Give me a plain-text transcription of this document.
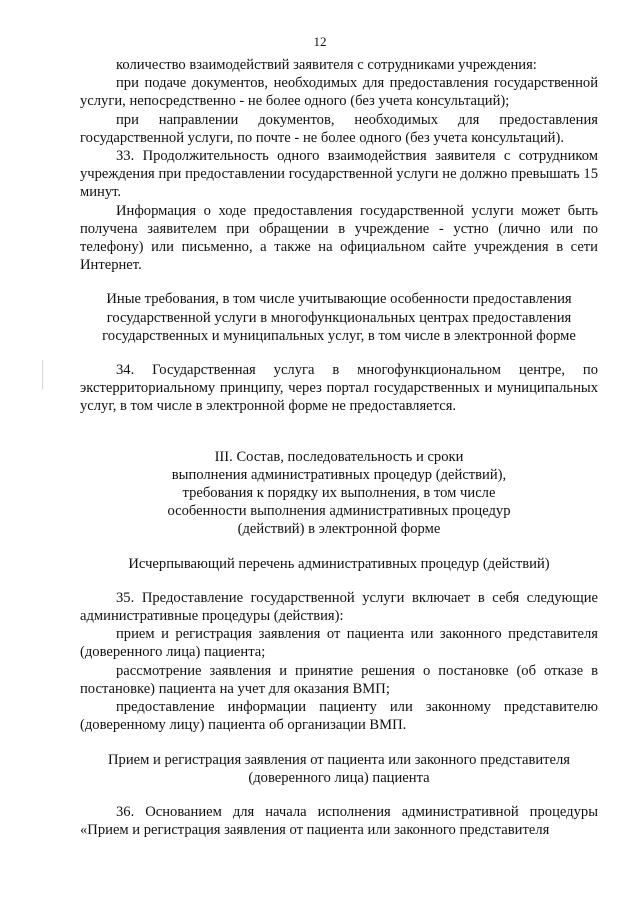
12

количество взаимодействий заявителя с сотрудниками учреждения:

при подаче документов, необходимых для предоставления государственной услуги, непосредственно - не более одного (без учета консультаций);

при направлении документов, необходимых для предоставления государственной услуги, по почте - не более одного (без учета консультаций).

33. Продолжительность одного взаимодействия заявителя с сотрудником учреждения при предоставлении государственной услуги не должно превышать 15 минут.

Информация о ходе предоставления государственной услуги может быть получена заявителем при обращении в учреждение - устно (лично или по телефону) или письменно, а также на официальном сайте учреждения в сети Интернет.

Иные требования, в том числе учитывающие особенности предоставления государственной услуги в многофункциональных центрах предоставления государственных и муниципальных услуг, в том числе в электронной форме

34. Государственная услуга в многофункциональном центре, по экстерриториальному принципу, через портал государственных и муниципальных услуг, в том числе в электронной форме не предоставляется.

III. Состав, последовательность и сроки

выполнения административных процедур (действий),

требования к порядку их выполнения, в том числе

особенности выполнения административных процедур

(действий) в электронной форме

Исчерпывающий перечень административных процедур (действий)

35. Предоставление государственной услуги включает в себя следующие административные процедуры (действия):

прием и регистрация заявления от пациента или законного представителя (доверенного лица) пациента;

рассмотрение заявления и принятие решения о постановке (об отказе в постановке) пациента на учет для оказания ВМП;

предоставление информации пациенту или законному представителю (доверенному лицу) пациента об организации ВМП.

Прием и регистрация заявления от пациента или законного представителя

(доверенного лица) пациента

36. Основанием для начала исполнения административной процедуры «Прием и регистрация заявления от пациента или законного представителя
